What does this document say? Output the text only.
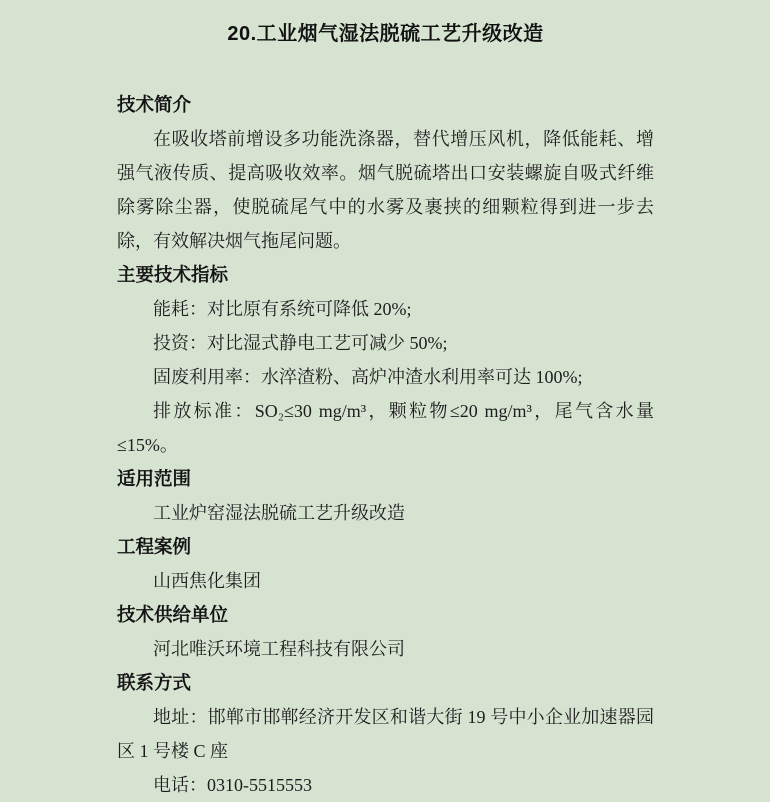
20.工业烟气湿法脱硫工艺升级改造
技术简介

在吸收塔前增设多功能洗涤器，替代增压风机，降低能耗、增强气液传质、提高吸收效率。烟气脱硫塔出口安装螺旋自吸式纤维除雾除尘器，使脱硫尾气中的水雾及裹挟的细颗粒得到进一步去除，有效解决烟气拖尾问题。

主要技术指标

能耗：对比原有系统可降低 20%;

投资：对比湿式静电工艺可减少 50%;

固废利用率：水淬渣粉、高炉冲渣水利用率可达 100%;

排放标准：SO₂≤30 mg/m³，颗粒物≤20 mg/m³，尾气含水量≤15%。

适用范围

工业炉窑湿法脱硫工艺升级改造

工程案例

山西焦化集团

技术供给单位

河北唯沃环境工程科技有限公司

联系方式

地址：邯郸市邯郸经济开发区和谐大街 19 号中小企业加速器园区 1 号楼 C 座

电话：0310-5515553
